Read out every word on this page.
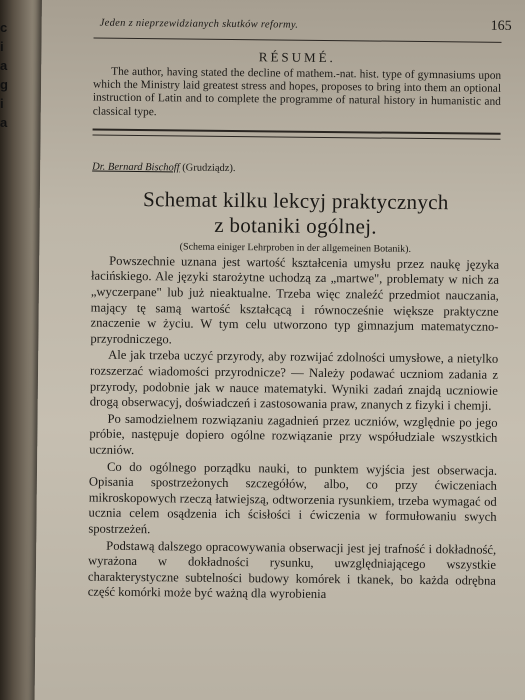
c
i
a
g
i
a
Jeden z nieprzewidzianych skutków reformy.	165
RÉSUMÉ.

The author, having stated the decline of mathem.-nat. hist. type of gymnasiums upon which the Ministry laid greatest stress and hopes, proposes to bring into them an optional instruction of Latin and to complete the programme of natural history in humanistic and classical type.

Dr. Bernard Bischoff (Grudziądz).
Schemat kilku lekcyj praktycznych
z botaniki ogólnej.
(Schema einiger Lehrproben in der allgemeinen Botanik).

Powszechnie uznana jest wartość kształcenia umysłu przez naukę języka łacińskiego. Ale języki starożytne uchodzą za „martwe", problematy w nich za „wyczerpane" lub już nieaktualne. Trzeba więc znaleźć przedmiot nauczania, mający tę samą wartość kształcącą i równocześnie większe praktyczne znaczenie w życiu. W tym celu utworzono typ gimnazjum matematyczno-przyrodniczego.

Ale jak trzeba uczyć przyrody, aby rozwijać zdolności umysłowe, a nietylko rozszerzać wiadomości przyrodnicze? — Należy podawać uczniom zadania z przyrody, podobnie jak w nauce matematyki. Wyniki zadań znajdą uczniowie drogą obserwacyj, doświadczeń i zastosowania praw, znanych z fizyki i chemji.

Po samodzielnem rozwiązaniu zagadnień przez uczniów, względnie po jego próbie, następuje dopiero ogólne rozwiązanie przy współudziale wszystkich uczniów.

Co do ogólnego porządku nauki, to punktem wyjścia jest obserwacja. Opisania spostrzeżonych szczegółów, albo, co przy ćwiczeniach mikroskopowych rzeczą łatwiejszą, odtworzenia rysunkiem, trzeba wymagać od ucznia celem osądzenia ich ścisłości i ćwiczenia w formułowaniu swych spostrzeżeń.

Podstawą dalszego opracowywania obserwacji jest jej trafność i dokładność, wyrażona w dokładności rysunku, uwzględniającego wszystkie charakterystyczne subtelności budowy komórek i tkanek, bo każda odrębna część komórki może być ważną dla wyrobienia
